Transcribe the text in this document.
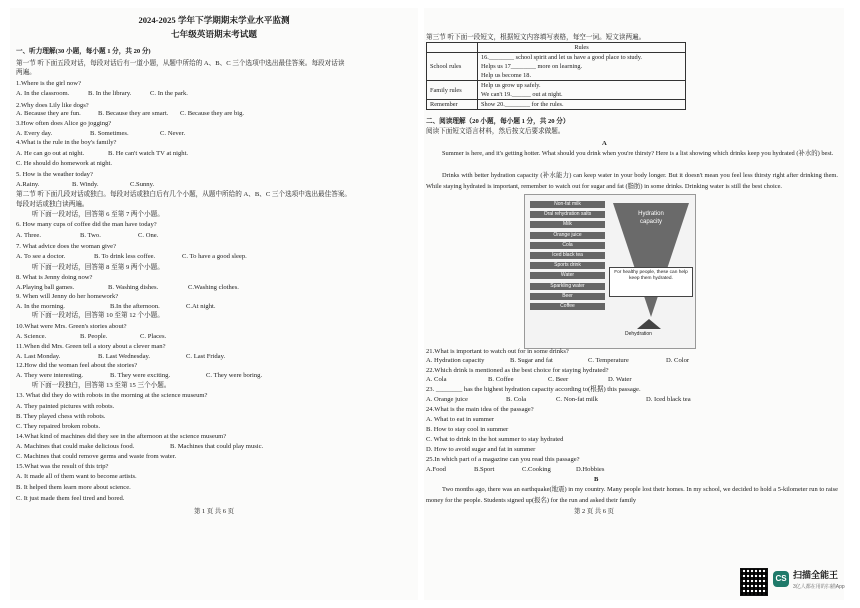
2024-2025 学年下学期期末学业水平监测
七年级英语期末考试题
一、听力理解(30 小题，每小题 1 分，共 20 分)
第一节 听下面五段对话，每段对话后有一道小题，从题中所给的 A、B、C 三个选项中选出最佳答案。每段对话读
两遍。
1.Where is the girl now?
2.Why does Lily like dogs?
3.How often does Alice go jogging?
4.What is the rule in the boy's family?
C. He should do homework at night.
5. How is the weather today?
第二节 听下面几段对话或独白。每段对话或独白后有几个小题，从题中所给的 A、B、C 三个选项中选出最佳答案。
每段对话或独白读两遍。
听下面一段对话，回答第 6 至第 7 两个小题。
6. How many cups of coffee did the man have today?
7. What advice does the woman give?
听下面一段对话，回答第 8 至第 9 两个小题。
8. What is Jenny doing now?
9. When will Jenny do her homework?
听下面一段对话，回答第 10 至第 12 个小题。
10.What were Mrs. Green's stories about?
11.When did Mrs. Green tell a story about a clever man?
12.How did the woman feel about the stories?
听下面一段独白，回答第 13 至第 15 三个小题。
13. What did they do with robots in the morning at the science museum?
A. They painted pictures with robots.
B. They played chess with robots.
C. They repaired broken robots.
14.What kind of machines did they see in the afternoon at the science museum?
C. Machines that could remove germs and waste from water.
15.What was the result of this trip?
A. It made all of them want to become artists.
B. It helped them learn more about science.
C. It just made them feel tired and bored.
A. In the classroom.	B. In the library.	C. In the park.
A. Because they are fun.	B. Because they are smart. C. Because they are big.
A. Every day.	B. Sometimes.	C. Never.
A. He can go out at night.	B. He can't watch TV at night.
A.Rainy.	B. Windy.	C.Sunny.
A. Three.	B. Two.	C. One.
A. To see a doctor.	B. To drink less coffee.	C. To have a good sleep.
A.Playing ball games.	B. Washing dishes.	C.Washing clothes.
A. In the morning.	B.In the afternoon.	C.At night.
A. Science.	B. People.	C. Places.
A. Last Monday.	B. Last Wednesday.	C. Last Friday.
A. They were interesting.	B. They were exciting.	C. They were boring.
A. Machines that could make delicious food.	B. Machines that could play music.
第 1 页 共 6 页
第三节 听下面一段短文，根据短文内容填写表格，每空一词。短文读两遍。
	Rules
School rules	16.________ school spirit and let us have a good place to study.
Helps us 17________ more on learning.
Help us become 18.

Family rules	Help us grow up safely.
We can't 19.______ out at night.

Remember	Show 20.________ for the rules.
二、阅读理解（20 小题，每小题 1 分，共 20 分）
阅读下面短文语言材料，然后按文后要求做题。
A
Summer is here, and it's getting hotter. What should you drink when you're thirsty? Here is a list showing which drinks keep you hydrated (补水的) best.
Drinks with better hydration capacity (补水能力) can keep water in your body longer. But it doesn't mean you feel less thirsty right after drinking them. While staying hydrated is important, remember to watch out for sugar and fat (脂肪) in some drinks. Drinking water is still the best choice.
Non-fat milk
Oral rehydration salts
Milk
Orange juice
Cola
Iced black tea
Sports drink
Water
Sparkling water
Beer
Coffee
Hydration
capacity
For healthy people, these can help keep them hydrated.
Dehydration
21.What is important to watch out for in some drinks?
22.Which drink is mentioned as the best choice for staying hydrated?
23. ________ has the highest hydration capacity according to(根据) this passage.
24.What is the main idea of the passage?
A. What to eat in summer
B. How to stay cool in summer
C. What to drink in the hot summer to stay hydrated
D. How to avoid sugar and fat in summer
25.In which part of a magazine can you read this passage?
A. Hydration capacity	B. Sugar and fat	C. Temperature	D. Color
A. Cola	B. Coffee	C. Beer	D. Water
A. Orange juice	B. Cola	C. Non-fat milk	D. Iced black tea
A.Food	B.Sport	C.Cooking	D.Hobbies
B
Two months ago, there was an earthquake(地震) in my country. Many people lost their homes. In my school, we decided to hold a 5-kilometer run to raise money for the people. Students signed up(报名) for the run and asked their family
第 2 页 共 6 页
CS 扫描全能王
3亿人都在用的扫描App
